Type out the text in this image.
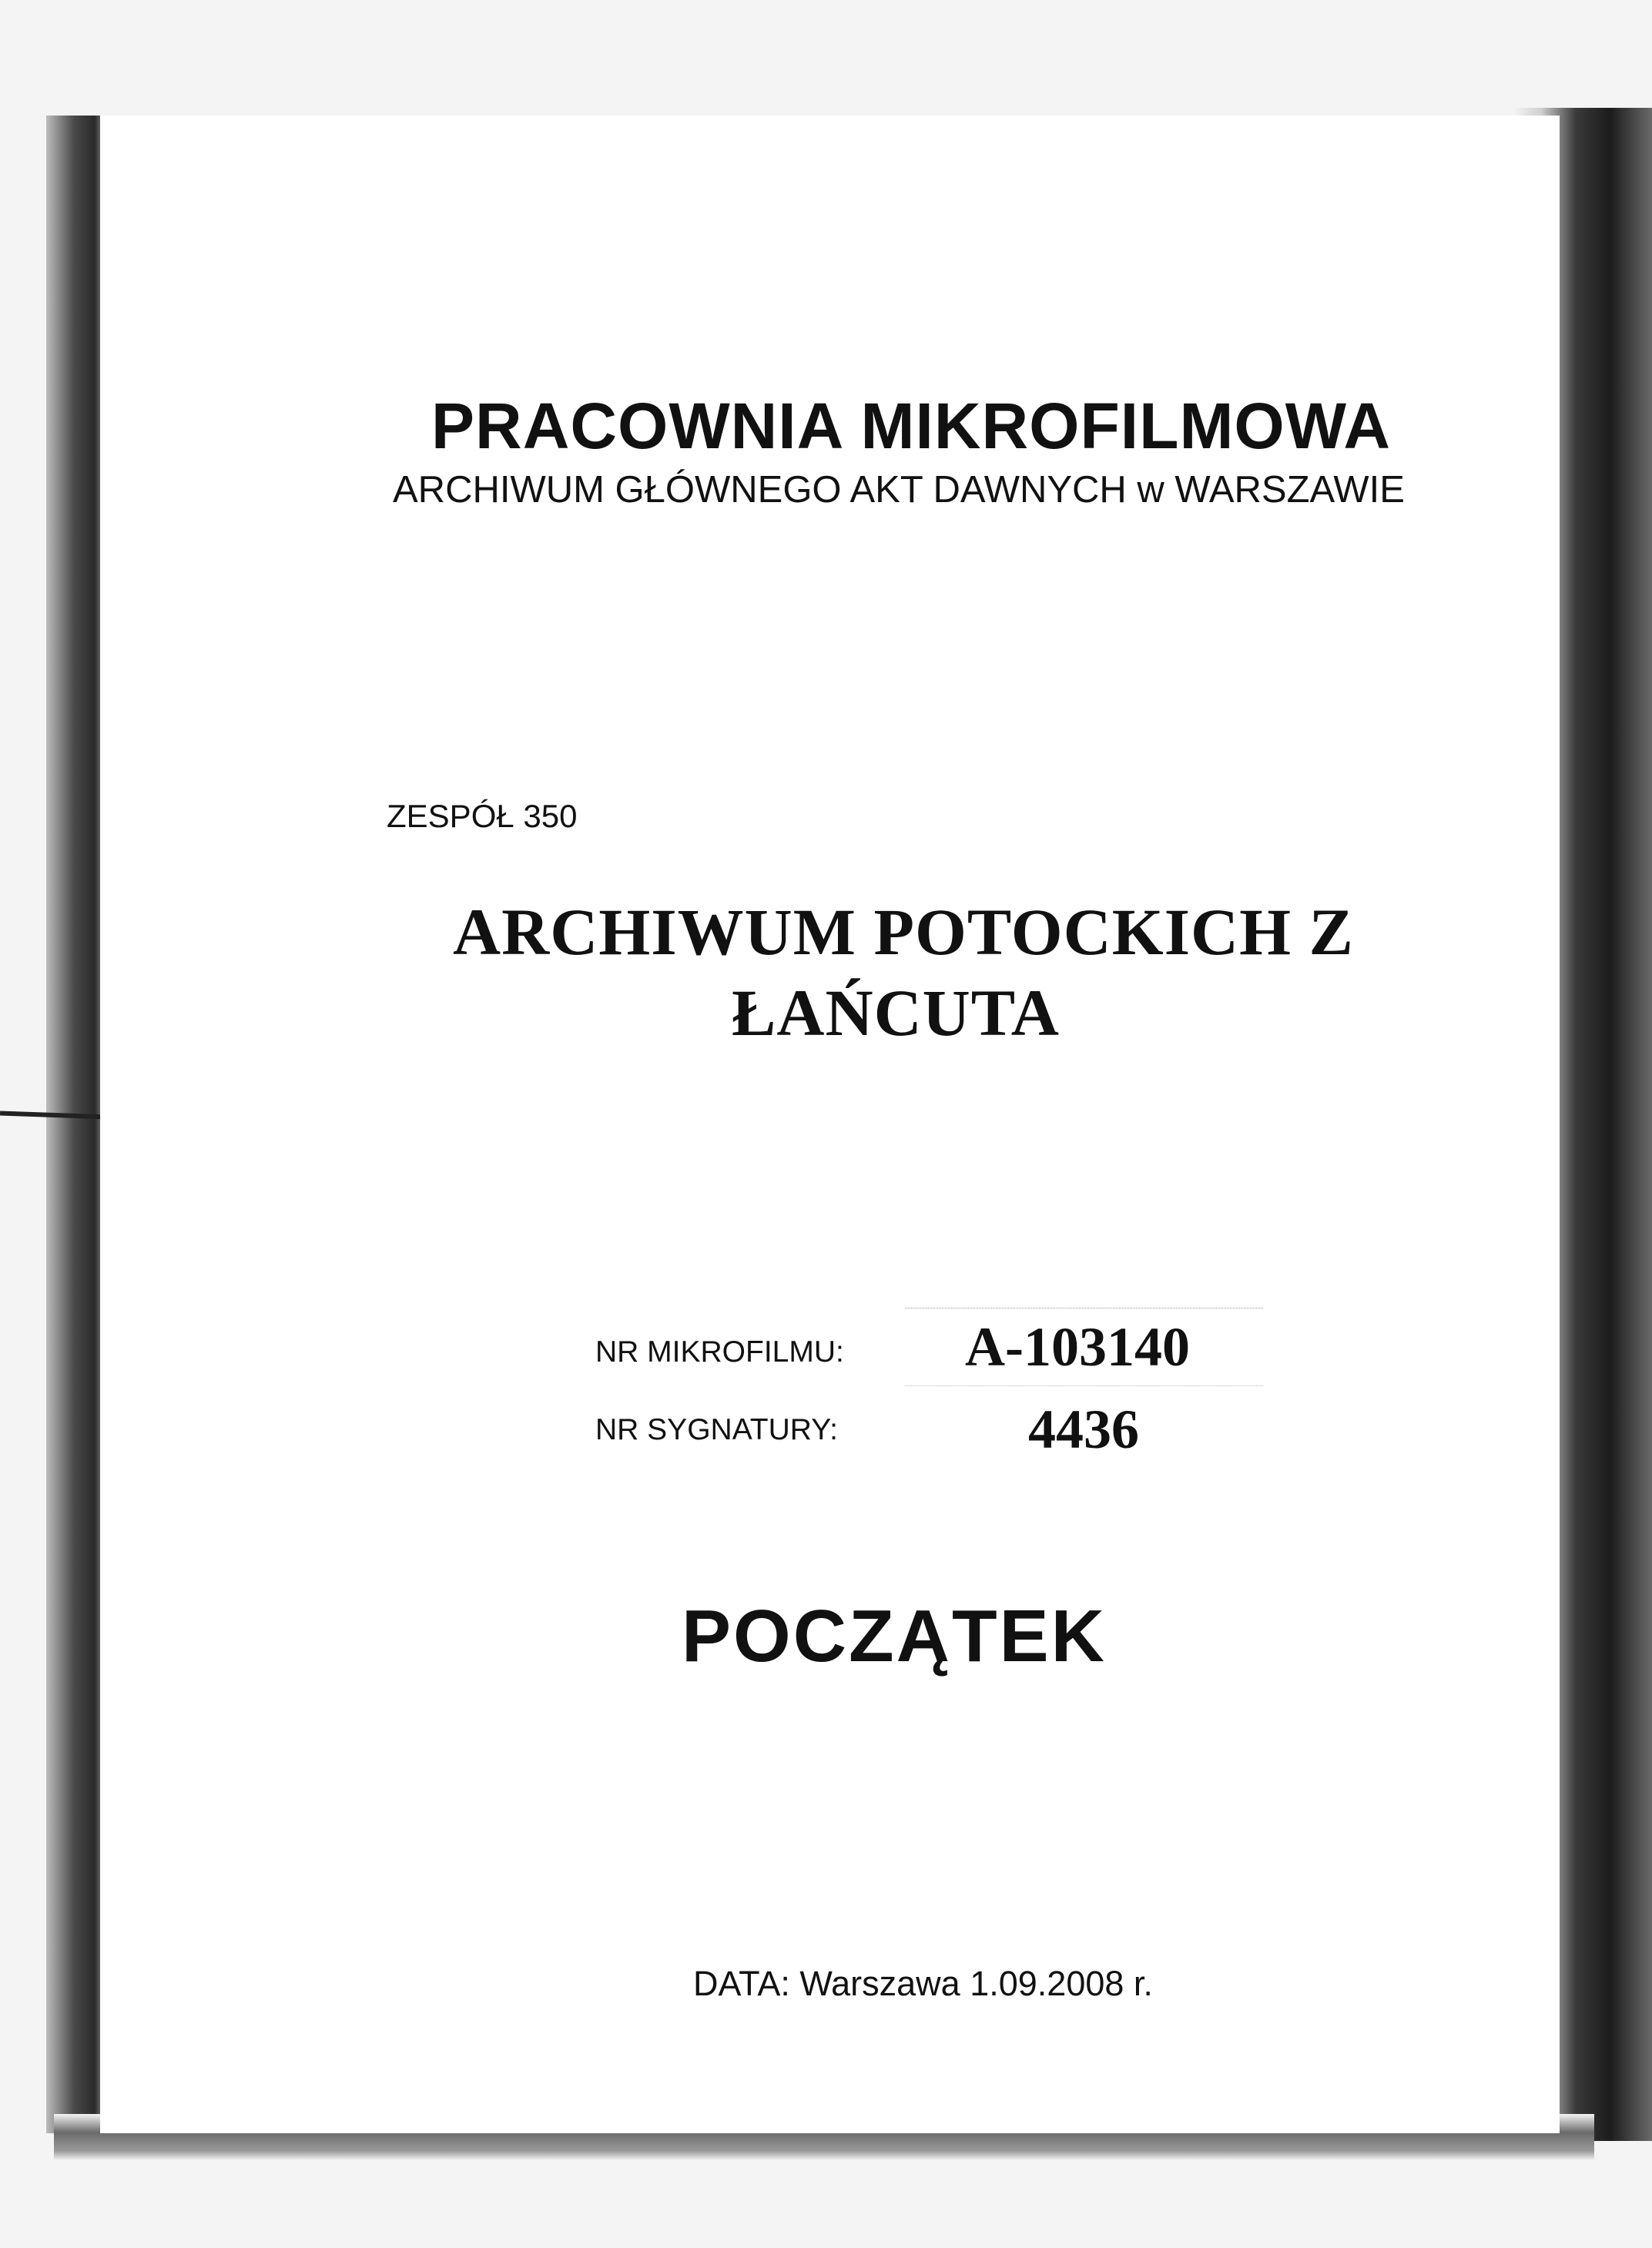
PRACOWNIA MIKROFILMOWA
ARCHIWUM GŁÓWNEGO AKT DAWNYCH w WARSZAWIE
ZESPÓŁ 350
ARCHIWUM POTOCKICH Z
ŁAŃCUTA
NR MIKROFILMU: A-103140
NR SYGNATURY:	4436
POCZĄTEK
DATA: Warszawa 1.09.2008 r.
